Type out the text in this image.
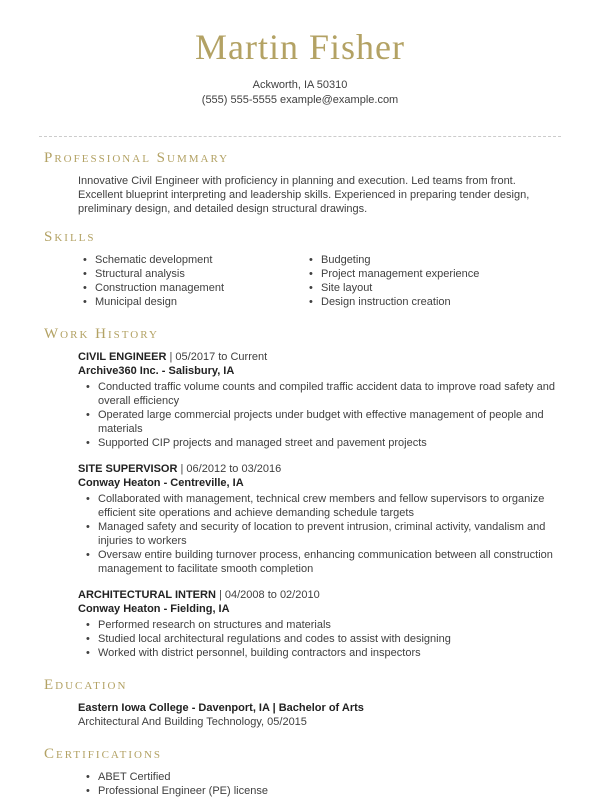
Martin Fisher
Ackworth, IA 50310
(555) 555-5555 example@example.com
Professional Summary

Innovative Civil Engineer with proficiency in planning and execution. Led teams from front. Excellent blueprint interpreting and leadership skills. Experienced in preparing tender design, preliminary design, and detailed design structural drawings.

Skills
• Schematic development
• Structural analysis
• Construction management
• Municipal design
• Budgeting
• Project management experience
• Site layout
• Design instruction creation
Work History
CIVIL ENGINEER | 05/2017 to Current
Archive360 Inc. - Salisbury, IA
• Conducted traffic volume counts and compiled traffic accident data to improve road safety and overall efficiency
• Operated large commercial projects under budget with effective management of people and materials
• Supported CIP projects and managed street and pavement projects
SITE SUPERVISOR | 06/2012 to 03/2016
Conway Heaton - Centreville, IA
• Collaborated with management, technical crew members and fellow supervisors to organize efficient site operations and achieve demanding schedule targets
• Managed safety and security of location to prevent intrusion, criminal activity, vandalism and injuries to workers
• Oversaw entire building turnover process, enhancing communication between all construction management to facilitate smooth completion
ARCHITECTURAL INTERN | 04/2008 to 02/2010
Conway Heaton - Fielding, IA
• Performed research on structures and materials
• Studied local architectural regulations and codes to assist with designing
• Worked with district personnel, building contractors and inspectors
Education
Eastern Iowa College - Davenport, IA | Bachelor of Arts
Architectural And Building Technology, 05/2015
Certifications
• ABET Certified
• Professional Engineer (PE) license
